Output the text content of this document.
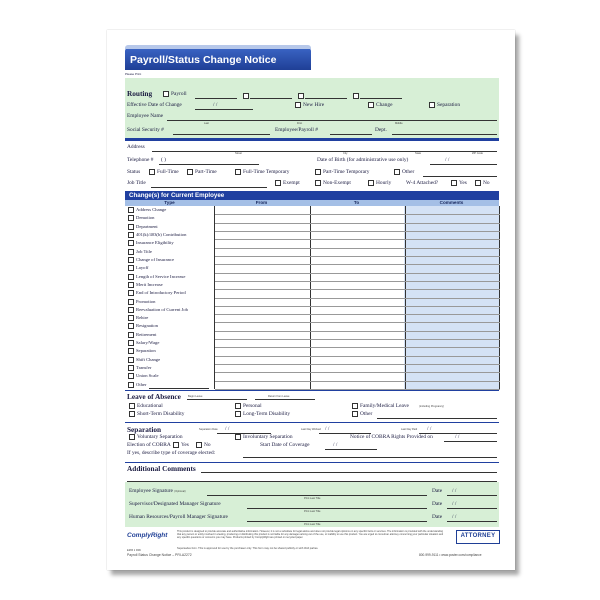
Payroll/Status Change Notice
Please Print
Routing	Payroll
Effective Date of Change	/ /	New Hire	Change	Separation
Employee Name
Last	First	Middle
Social Security #	Employee/Payroll #	Dept.
Address
Street	City	State	ZIP Code
Telephone # ( )	Date of Birth (for administrative use only)	/ /
Status	Full-Time	Part-Time	Full-Time Temporary	Part-Time Temporary	Other
Job Title	Exempt	Non-Exempt	Hourly	W-4 Attached?	Yes	No
Change(s) for Current Employee
Type	From	To	Comments
Address Change
Demotion
Department
401(k)/403(b) Contribution
Insurance Eligibility
Job Title
Change of Insurance
Layoff
Length of Service Increase
Merit Increase
End of Introductory Period
Promotion
Reevaluation of Current Job
Rehire
Resignation
Retirement
Salary/Wage
Separation
Shift Change
Transfer
Union Scale
Other
Leave of Absence	Begin Leave	Return from Leave
Educational	Personal	Family/Medical Leave	(including Pregnancy)
Short-Term Disability	Long-Term Disability	Other
Separation	Separation Date / /	Last Day Worked / /	Last Day Paid / /
Voluntary Separation	Involuntary Separation	Notice of COBRA Rights Provided on	/ /
Election of COBRA	Yes	No	Start Date of Coverage	/ /
If yes, describe type of coverage elected:
Additional Comments
Employee Signature (Optional)
Print Last Title
Date / /
Supervisor/Designated Manager Signature
Print Last Title
Date / /
Human Resources/Payroll Manager Signature
Print Last Title
Date / /
ComplyRight
This product is designed to provide accurate and authoritative information. However, it is not a substitute for legal advice and does not provide legal opinions on any specific facts or services. The information is provided with the understanding that any person or entity involved in viewing, producing or distributing this product is not liable for any damages arising out of the use, or inability to use this product. You are urged to consult an attorney concerning your particular situation and any specific questions or concerns you may have. Products printed by ComplyRight are printed on recycled paper.
Supersedes form. This is approved for use by the purchaser only. This form may not be shared publicly or with third parties.
ATTORNEY
E265 1 R09
Payroll Status Change Notice – PRI-A2272	800-999-9111 • www.poster.com/compliance
